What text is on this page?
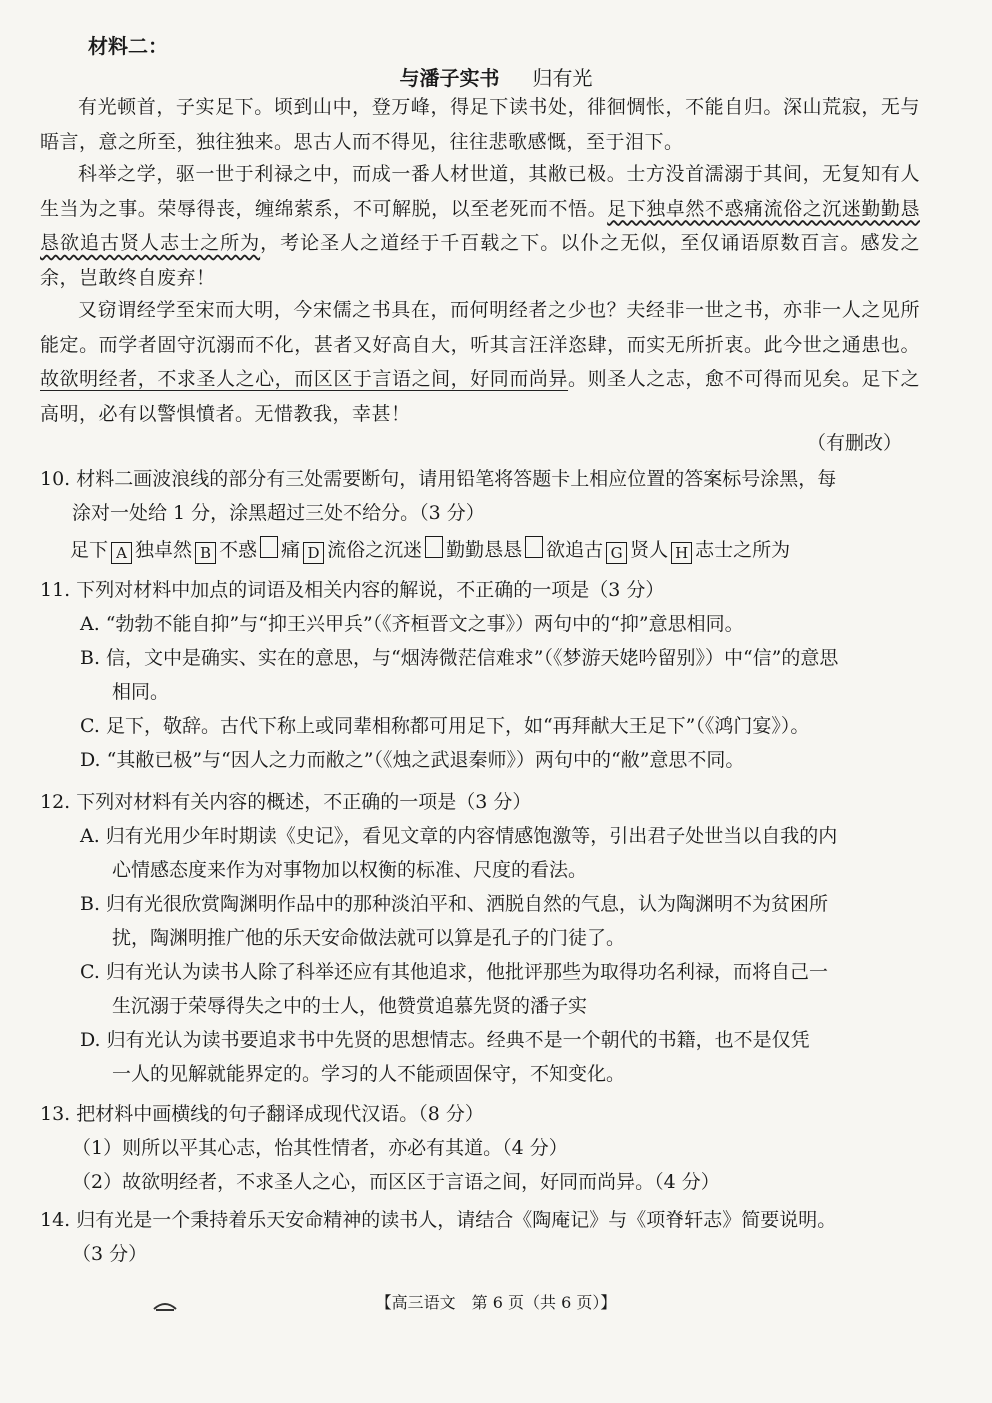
材料二：
与潘子实书 归有光

有光顿首，子实足下。顷到山中，登万峰，得足下读书处，徘徊惆怅，不能自归。深山荒寂，无与晤言，意之所至，独往独来。思古人而不得见，往往悲歌感慨，至于泪下。

科举之学，驱一世于利禄之中，而成一番人材世道，其敝已极。士方没首濡溺于其间，无复知有人生当为之事。荣辱得丧，缠绵萦系，不可解脱，以至老死而不悟。足下独卓然不惑痛流俗之沉迷勤勤恳恳欲追古贤人志士之所为，考论圣人之道经于千百载之下。以仆之无似，至仅诵语原数百言。感发之余，岂敢终自废弃！

又窃谓经学至宋而大明，今宋儒之书具在，而何明经者之少也？夫经非一世之书，亦非一人之见所能定。而学者固守沉溺而不化，甚者又好高自大，听其言汪洋恣肆，而实无所折衷。此今世之通患也。故欲明经者，不求圣人之心，而区区于言语之间，好同而尚异。则圣人之志，愈不可得而见矣。足下之高明，必有以警惧憤者。无惜教我，幸甚！

（有删改）

10. 材料二画波浪线的部分有三处需要断句，请用铅笔将答题卡上相应位置的答案标号涂黑，每

涂对一处给 1 分，涂黑超过三处不给分。（3 分）

足下 A 独卓然 B 不惑 痛 D 流俗之沉迷 勤勤恳恳 欲追古 G 贤人 H 志士之所为

11. 下列对材料中加点的词语及相关内容的解说，不正确的一项是（3 分）

A. “勃勃不能自抑”与“抑王兴甲兵”（《齐桓晋文之事》）两句中的“抑”意思相同。

B. 信，文中是确实、实在的意思，与“烟涛微茫信难求”（《梦游天姥吟留别》）中“信”的意思

相同。

C. 足下，敬辞。古代下称上或同辈相称都可用足下，如“再拜献大王足下”（《鸿门宴》）。

D. “其敝已极”与“因人之力而敝之”（《烛之武退秦师》）两句中的“敝”意思不同。

12. 下列对材料有关内容的概述，不正确的一项是（3 分）

A. 归有光用少年时期读《史记》，看见文章的内容情感饱激等，引出君子处世当以自我的内

心情感态度来作为对事物加以权衡的标准、尺度的看法。

B. 归有光很欣赏陶渊明作品中的那种淡泊平和、洒脱自然的气息，认为陶渊明不为贫困所

扰，陶渊明推广他的乐天安命做法就可以算是孔子的门徒了。

C. 归有光认为读书人除了科举还应有其他追求，他批评那些为取得功名利禄，而将自己一

生沉溺于荣辱得失之中的士人，他赞赏追慕先贤的潘子实

D. 归有光认为读书要追求书中先贤的思想情志。经典不是一个朝代的书籍，也不是仅凭

一人的见解就能界定的。学习的人不能顽固保守，不知变化。

13. 把材料中画横线的句子翻译成现代汉语。（8 分）

（1）则所以平其心志，怡其性情者，亦必有其道。（4 分）

（2）故欲明经者，不求圣人之心，而区区于言语之间，好同而尚异。（4 分）

14. 归有光是一个秉持着乐天安命精神的读书人，请结合《陶庵记》与《项脊轩志》简要说明。

（3 分）

【高三语文　第 6 页（共 6 页）】
